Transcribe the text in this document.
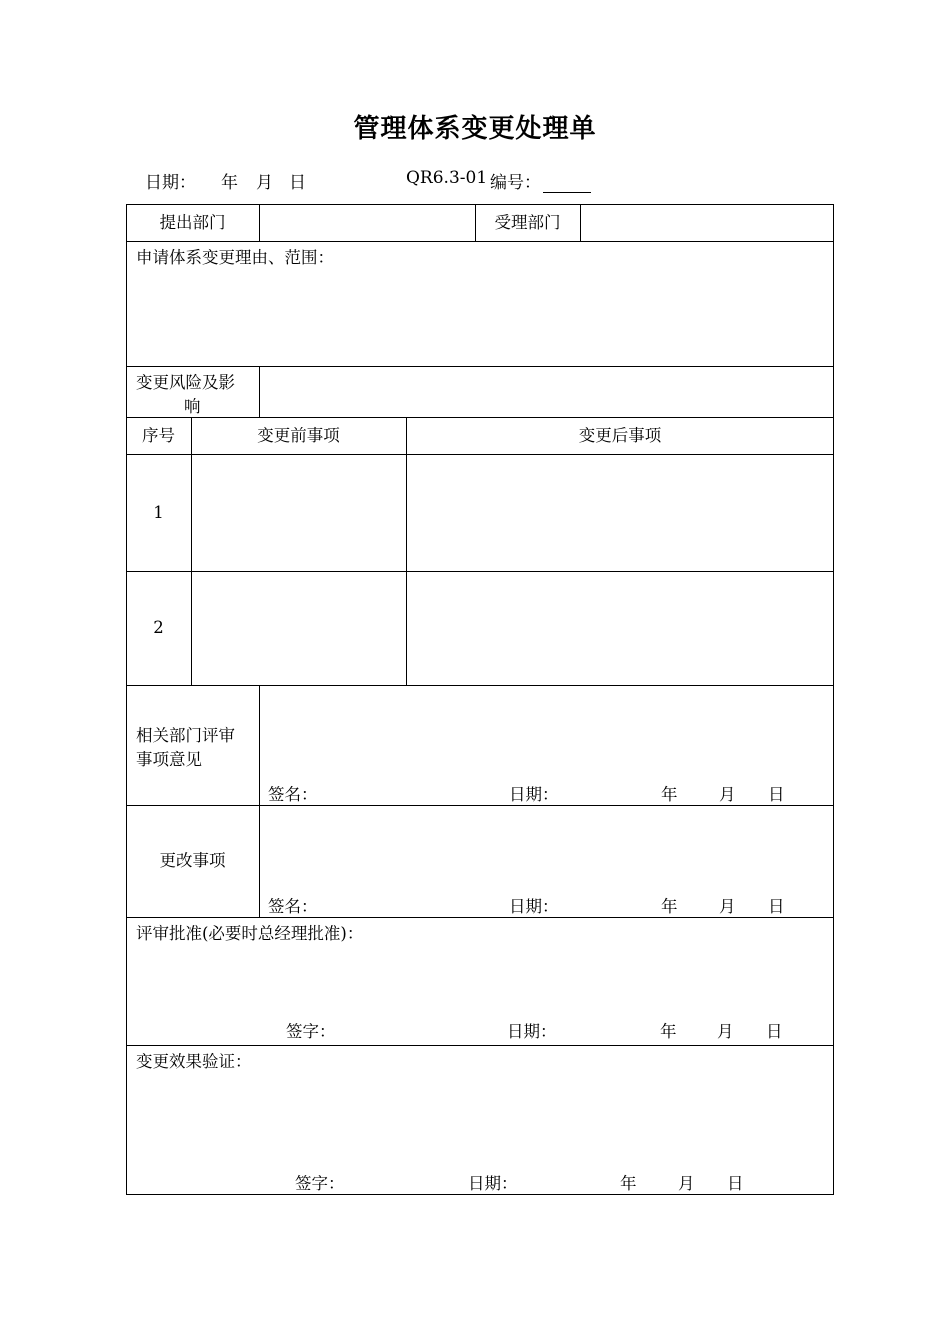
管理体系变更处理单
日期： 年 月 日	QR6.3-01 编号：
提出部门	受理部门
申请体系变更理由、范围：
变更风险及影
响
序号	变更前事项	变更后事项
1
2
相关部门评审
事项意见
签名：	日期：	年	月 日
更改事项
签名：	日期：	年	月 日
评审批准(必要时总经理批准)：
签字：	日期：	年 月 日
变更效果验证：
签字：	日期：	年	月 日
